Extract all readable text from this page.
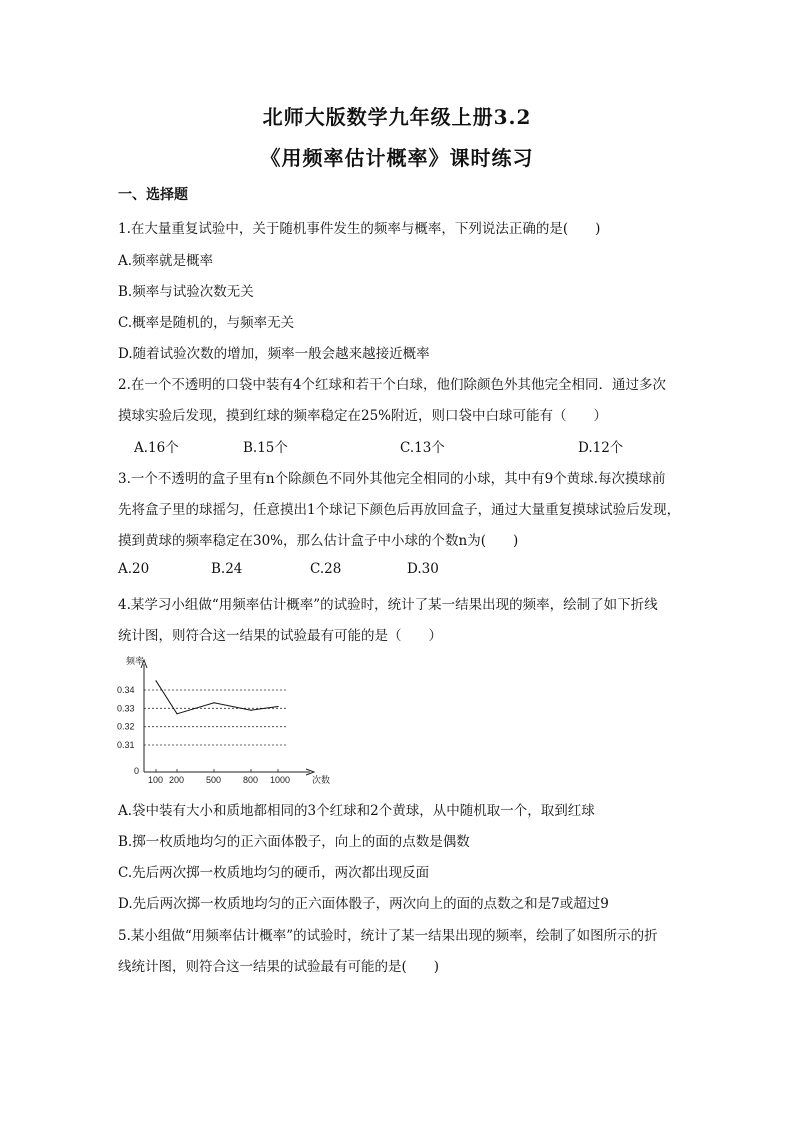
北师大版数学九年级上册3.2
《用频率估计概率》课时练习
一、选择题
1.在大量重复试验中，关于随机事件发生的频率与概率，下列说法正确的是(　　)
A.频率就是概率
B.频率与试验次数无关
C.概率是随机的，与频率无关
D.随着试验次数的增加，频率一般会越来越接近概率
2.在一个不透明的口袋中装有4个红球和若干个白球，他们除颜色外其他完全相同．通过多次
摸球实验后发现，摸到红球的频率稳定在25%附近，则口袋中白球可能有（　　）
A.16个	B.15个	C.13个	D.12个
3.一个不透明的盒子里有n个除颜色不同外其他完全相同的小球，其中有9个黄球.每次摸球前
先将盒子里的球摇匀，任意摸出1个球记下颜色后再放回盒子，通过大量重复摸球试验后发现，
摸到黄球的频率稳定在30%，那么估计盒子中小球的个数n为(　　)
A.20	B.24	C.28	D.30
4.某学习小组做“用频率估计概率”的试验时，统计了某一结果出现的频率，绘制了如下折线
统计图，则符合这一结果的试验最有可能的是（　　）
频率
次数
0
0.34
0.33
0.32
0.31
100 200 500 800 1000
A.袋中装有大小和质地都相同的3个红球和2个黄球，从中随机取一个，取到红球
B.掷一枚质地均匀的正六面体骰子，向上的面的点数是偶数
C.先后两次掷一枚质地均匀的硬币，两次都出现反面
D.先后两次掷一枚质地均匀的正六面体骰子，两次向上的面的点数之和是7或超过9
5.某小组做“用频率估计概率”的试验时，统计了某一结果出现的频率，绘制了如图所示的折
线统计图，则符合这一结果的试验最有可能的是(　　)
